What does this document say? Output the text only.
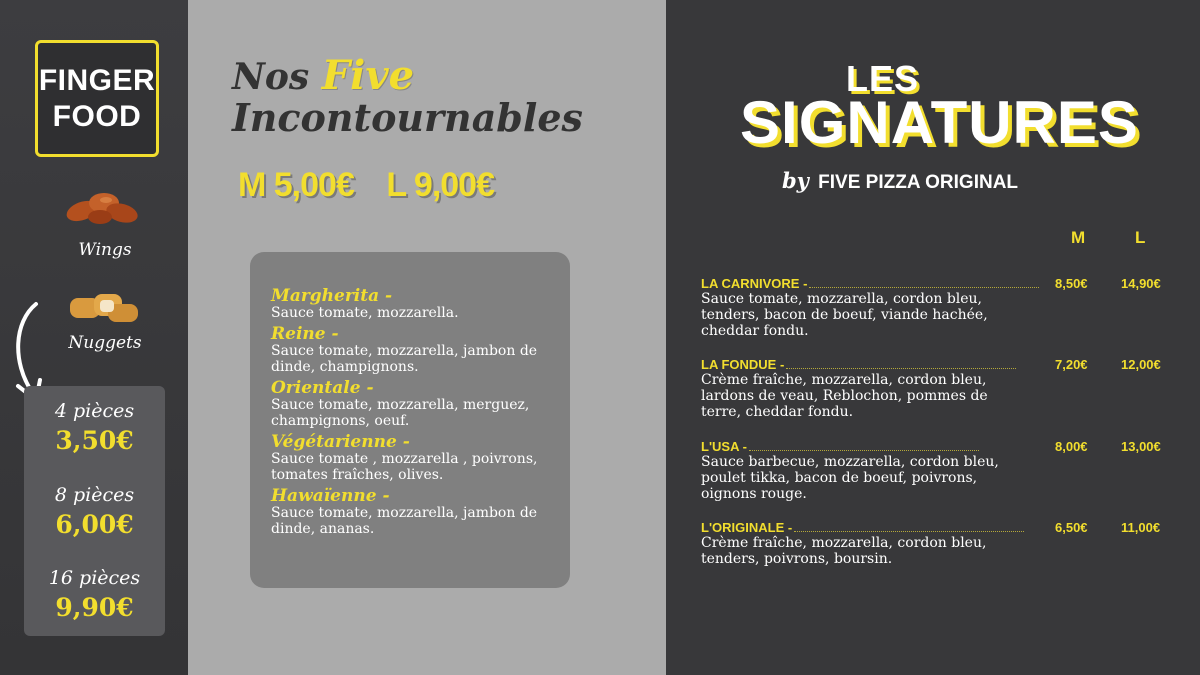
FINGER
FOOD
Wings
Nuggets
4 pièces
3,50€
8 pièces
6,00€
16 pièces
9,90€
Nos Five
Incontournables
M 5,00€ L 9,00€
Margherita -
Sauce tomate, mozzarella.
Reine -
Sauce tomate, mozzarella, jambon de dinde, champignons.
Orientale -
Sauce tomate, mozzarella, merguez, champignons, oeuf.
Végétarienne -
Sauce tomate , mozzarella , poivrons, tomates fraîches, olives.
Hawaïenne -
Sauce tomate, mozzarella, jambon de dinde, ananas.
LES
SIGNATURES
by FIVE PIZZA ORIGINAL
M	L
LA CARNIVORE -	8,50€	14,90€
Sauce tomate, mozzarella, cordon bleu, tenders, bacon de boeuf, viande hachée, cheddar fondu.
LA FONDUE -	7,20€	12,00€
Crème fraîche, mozzarella, cordon bleu, lardons de veau, Reblochon, pommes de terre, cheddar fondu.
L'USA -	8,00€	13,00€
Sauce barbecue, mozzarella, cordon bleu, poulet tikka, bacon de boeuf, poivrons, oignons rouge.
L'ORIGINALE -	6,50€	11,00€
Crème fraîche, mozzarella, cordon bleu, tenders, poivrons, boursin.
